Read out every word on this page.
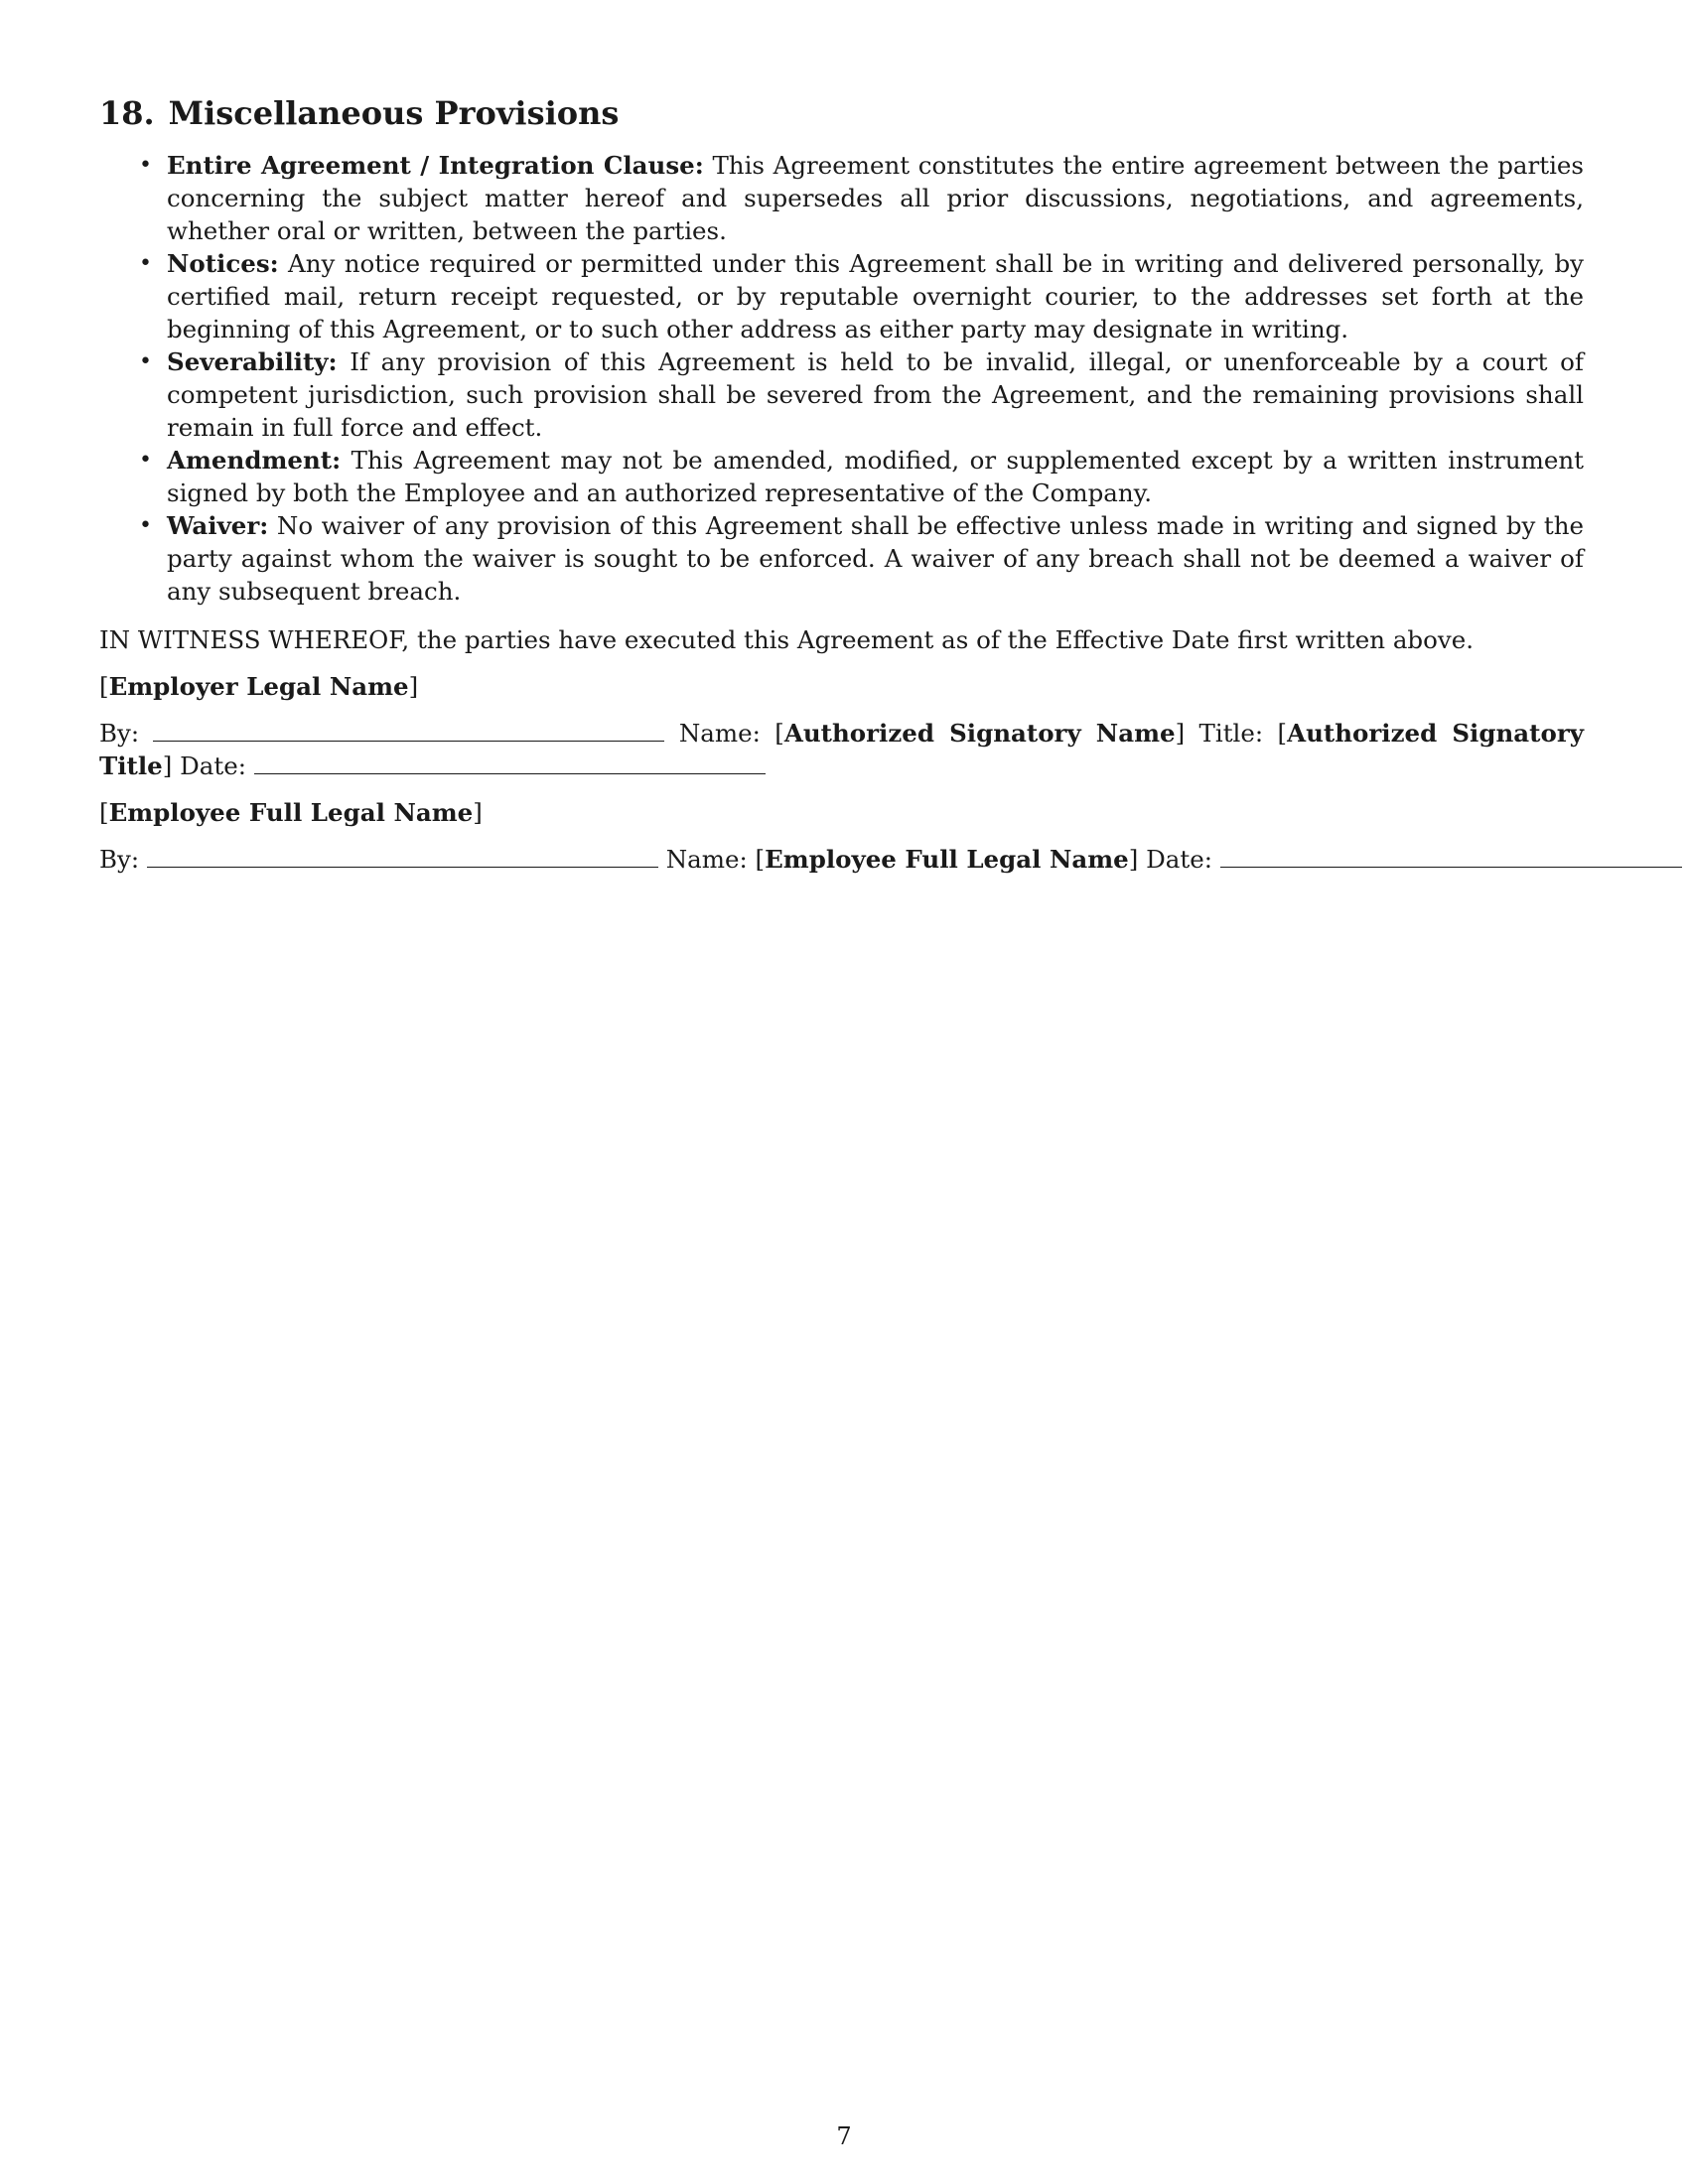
18. Miscellaneous Provisions
• Entire Agreement / Integration Clause: This Agreement constitutes the entire agreement between the parties concerning the subject matter hereof and supersedes all prior discussions, negotiations, and agreements, whether oral or written, between the parties.
• Notices: Any notice required or permitted under this Agreement shall be in writing and delivered personally, by certified mail, return receipt requested, or by reputable overnight courier, to the addresses set forth at the beginning of this Agreement, or to such other address as either party may designate in writing.
• Severability: If any provision of this Agreement is held to be invalid, illegal, or unenforceable by a court of competent jurisdiction, such provision shall be severed from the Agreement, and the remaining provisions shall remain in full force and effect.
• Amendment: This Agreement may not be amended, modified, or supplemented except by a written instrument signed by both the Employee and an authorized representative of the Company.
• Waiver: No waiver of any provision of this Agreement shall be effective unless made in writing and signed by the party against whom the waiver is sought to be enforced. A waiver of any breach shall not be deemed a waiver of any subsequent breach.

IN WITNESS WHEREOF, the parties have executed this Agreement as of the Effective Date first written above.

[Employer Legal Name]

By:	Name: [Authorized Signatory Name] Title: [Authorized Signatory Title] Date:

[Employee Full Legal Name]

By:	Name: [Employee Full Legal Name] Date:

7
